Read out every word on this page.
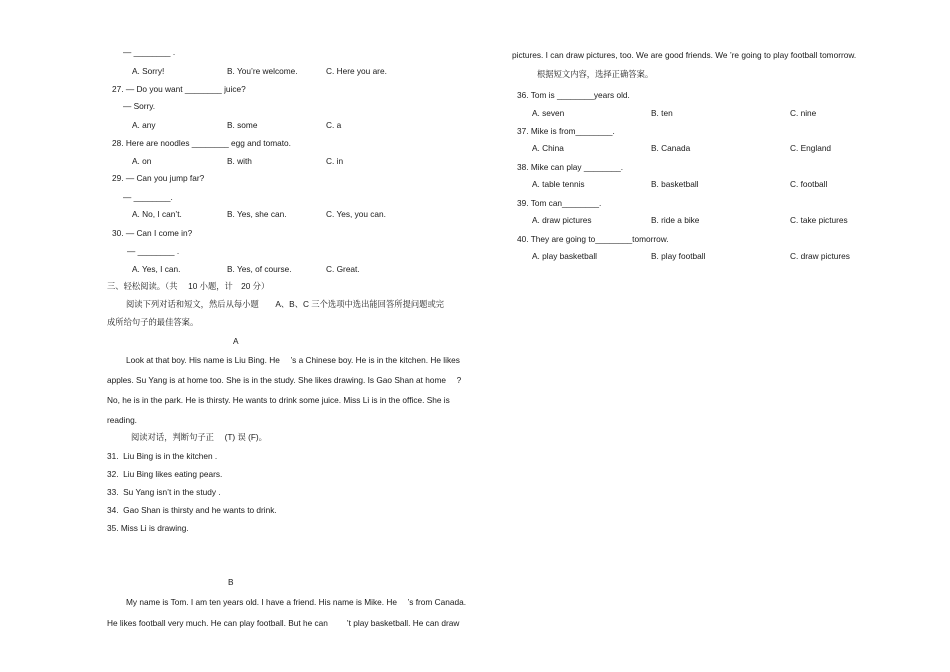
— ________ .
A. Sorry!	B. You’re welcome.	C. Here you are.
27. — Do you want ________ juice?
— Sorry.
A. any	B. some	C. a
28. Here are noodles ________ egg and tomato.
A. on	B. with	C. in
29. — Can you jump far?
— ________.
A. No, I can’t.	B. Yes, she can.	C. Yes, you can.
30. — Can I come in?
— ________ .
A. Yes, I can.	B. Yes, of course.	C. Great.
三、轻松阅读。（共　 10 小题，计　20 分）
阅读下列对话和短文，然后从每小题　　A、B、C 三个选项中选出能回答所提问题或完
成所给句子的最佳答案。
A
Look at that boy. His name is Liu Bing. He　 ’s a Chinese boy. He is in the kitchen. He likes
apples. Su Yang is at home too. She is in the study. She likes drawing. Is Gao Shan at home　 ?
No, he is in the park. He is thirsty. He wants to drink some juice. Miss Li is in the office. She is
reading.
阅读对话，判断句子正　 (T) 误 (F)。
31.  Liu Bing is in the kitchen .
32.  Liu Bing likes eating pears.
33.  Su Yang isn’t in the study .
34.  Gao Shan is thirsty and he wants to drink.
35. Miss Li is drawing.
B
My name is Tom. I am ten years old. I have a friend. His name is Mike. He　 ’s from Canada.
He likes football very much. He can play football. But he can　　 ’t play basketball. He can draw
pictures. I can draw pictures, too. We are good friends. We ’re going to play football tomorrow.
根据短文内容，选择正确答案。
36. Tom is ________years old.
A. seven	B. ten	C. nine
37. Mike is from________.
A. China	B. Canada	C. England
38. Mike can play ________.
A. table tennis	B. basketball	C. football
39. Tom can________.
A. draw pictures	B. ride a bike	C. take pictures
40. They are going to________tomorrow.
A. play basketball	B. play football	C. draw pictures
